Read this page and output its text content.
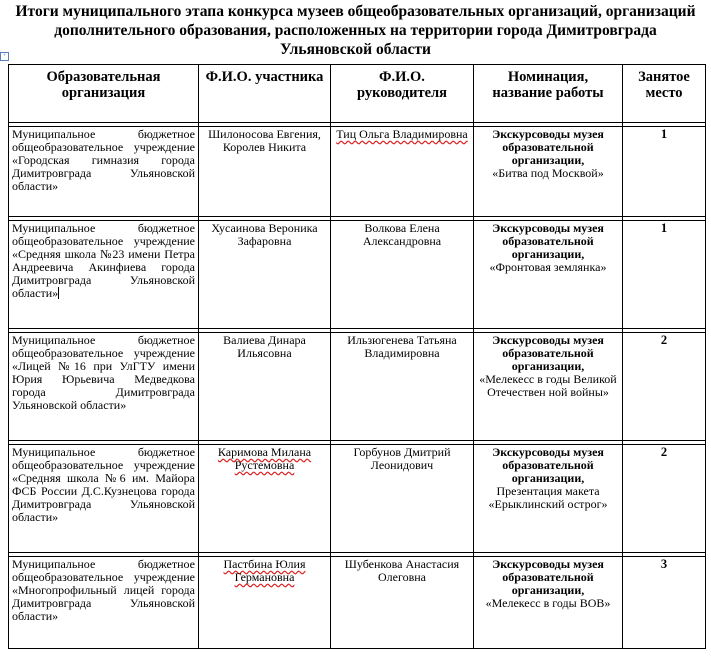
Итоги муниципального этапа конкурса музеев общеобразовательных организаций, организаций
дополнительного образования, расположенных на территории города Димитровграда
Ульяновской области
+
Образовательная организация	Ф.И.О. участника	Ф.И.О. руководителя	Номинация, название работы	Занятое место

Муниципальное бюджетное общеобразовательное учреждение «Городская гимназия города Димитровграда Ульяновской области»	Шилоносова Евгения, Королев Никита	Тиц Ольга Владимировна	Экскурсоводы музея образовательной организации,
«Битва под Москвой»	1

Муниципальное бюджетное общеобразовательное учреждение «Средняя школа №23 имени Петра Андреевича Акинфиева города Димитровграда Ульяновской области»	Хусаинова Вероника Зафаровна	Волкова Елена Александровна	Экскурсоводы музея образовательной организации,
«Фронтовая землянка»	1

Муниципальное бюджетное общеобразовательное учреждение «Лицей №16 при УлГТУ имени Юрия Юрьевича Медведкова города Димитровграда Ульяновской области»	Валиева Динара Ильясовна	Ильзюгенева Татьяна Владимировна	Экскурсоводы музея образовательной организации,
«Мелекесс в годы Великой Отечествен ной войны»	2

Муниципальное бюджетное общеобразовательное учреждение «Средняя школа №6 им. Майора ФСБ России Д.С.Кузнецова города Димитровграда Ульяновской области»	Каримова Милана Рустемовна	Горбунов Дмитрий Леонидович	Экскурсоводы музея образовательной организации,
Презентация макета «Ерыклинский острог»	2

Муниципальное бюджетное общеобразовательное учреждение «Многопрофильный лицей города Димитровграда Ульяновской области»	Пастбина Юлия Германовна	Шубенкова Анастасия Олеговна	Экскурсоводы музея образовательной организации,
«Мелекесс в годы ВОВ»	3
